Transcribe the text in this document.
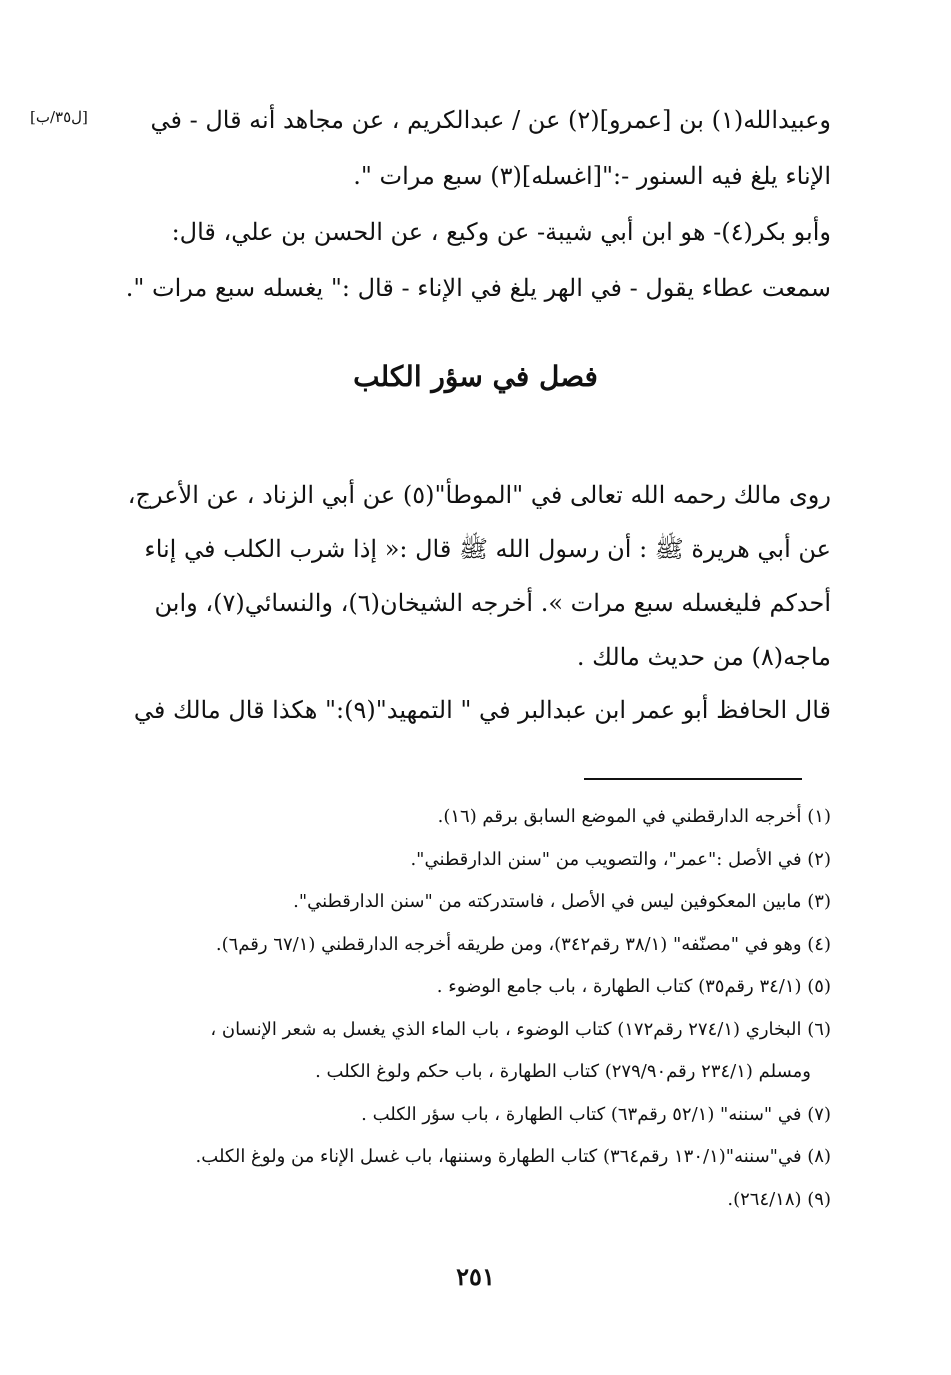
[ل٣٥/ب]	وعبيدالله(١) بن [عمرو](٢) عن / عبدالكريم ، عن مجاهد أنه قال - في
الإناء يلغ فيه السنور -:"[اغسله](٣) سبع مرات ".
وأبو بكر(٤)- هو ابن أبي شيبة- عن وكيع ، عن الحسن بن علي، قال:
سمعت عطاء يقول - في الهر يلغ في الإناء - قال :" يغسله سبع مرات ".
فصل في سؤر الكلب
روى مالك رحمه الله تعالى في "الموطأ"(٥) عن أبي الزناد ، عن الأعرج،
عن أبي هريرة ﷺ : أن رسول الله ﷺ قال :« إذا شرب الكلب في إناء
أحدكم فليغسله سبع مرات ». أخرجه الشيخان(٦)، والنسائي(٧)، وابن
ماجه(٨) من حديث مالك .
قال الحافظ أبو عمر ابن عبدالبر في " التمهيد"(٩):" هكذا قال مالك في
(١) أخرجه الدارقطني في الموضع السابق برقم (١٦).
(٢) في الأصل :"عمر"، والتصويب من "سنن الدارقطني".
(٣) مابين المعكوفين ليس في الأصل ، فاستدركته من "سنن الدارقطني".
(٤) وهو في "مصنّفه" (٣٨/١ رقم٣٤٢)، ومن طريقه أخرجه الدارقطني (٦٧/١ رقم٦).
(٥) (٣٤/١ رقم٣٥) كتاب الطهارة ، باب جامع الوضوء .
(٦) البخاري (٢٧٤/١ رقم١٧٢) كتاب الوضوء ، باب الماء الذي يغسل به شعر الإنسان ،
ومسلم (٢٣٤/١ رقم٢٧٩/٩٠) كتاب الطهارة ، باب حكم ولوغ الكلب .
(٧) في "سننه" (٥٢/١ رقم٦٣) كتاب الطهارة ، باب سؤر الكلب .
(٨) في"سننه"(١٣٠/١ رقم٣٦٤) كتاب الطهارة وسننها، باب غسل الإناء من ولوغ الكلب.
(٩) (٢٦٤/١٨).
٢٥١
